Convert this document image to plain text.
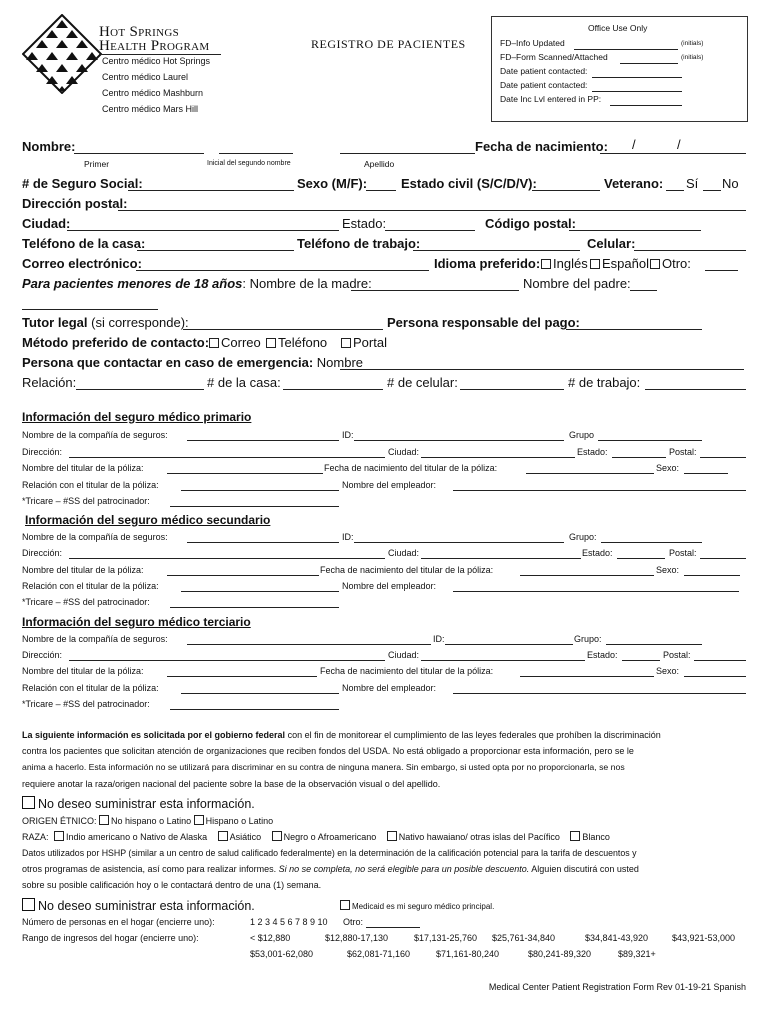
Hot Springs
Health Program
Centro médico Hot Springs
Centro médico Laurel
Centro médico Mashburn
Centro médico Mars Hill
REGISTRO DE PACIENTES
Office Use Only
FD–Info Updated	(initials)
FD–Form Scanned/Attached	(initials)
Date patient contacted:
Date patient contacted:
Date Inc Lvl entered in PP:
Nombre:	Fecha de nacimiento: /	/
Primer	Inicial del segundo nombre	Apellido
# de Seguro Social:	Sexo (M/F):	Estado civil (S/C/D/V):	Veterano: Sí No
Dirección postal:
Ciudad:	Estado:	Código postal:
Teléfono de la casa:	Teléfono de trabajo:	Celular:
Correo electrónico:	Idioma preferido: Inglés	Español	Otro:
Para pacientes menores de 18 años: Nombre de la madre:	Nombre del padre:
Tutor legal (si corresponde):	Persona responsable del pago:
Método preferido de contacto: Correo	Teléfono	Portal
Persona que contactar en caso de emergencia: Nombre
Relación:	# de la casa:	# de celular:	# de trabajo:
Información del seguro médico primario
Nombre de la compañía de seguros:	ID:	Grupo
Dirección:	Ciudad:	Estado:	Postal:
Nombre del titular de la póliza:	Fecha de nacimiento del titular de la póliza:	Sexo:
Relación con el titular de la póliza:	Nombre del empleador:
*Tricare – #SS del patrocinador:
Información del seguro médico secundario
Nombre de la compañía de seguros:	ID:	Grupo:
Dirección:	Ciudad:	Estado:	Postal:
Nombre del titular de la póliza:	Fecha de nacimiento del titular de la póliza:	Sexo:
Relación con el titular de la póliza:	Nombre del empleador:
*Tricare – #SS del patrocinador:
Información del seguro médico terciario
Nombre de la compañía de seguros:	ID:	Grupo:
Dirección:	Ciudad:	Estado:	Postal:
Nombre del titular de la póliza:	Fecha de nacimiento del titular de la póliza:	Sexo:
Relación con el titular de la póliza:	Nombre del empleador:
*Tricare – #SS del patrocinador:
La siguiente información es solicitada por el gobierno federal con el fin de monitorear el cumplimiento de las leyes federales que prohíben la discriminación
contra los pacientes que solicitan atención de organizaciones que reciben fondos del USDA. No está obligado a proporcionar esta información, pero se le
anima a hacerlo. Esta información no se utilizará para discriminar en su contra de ninguna manera. Sin embargo, si usted opta por no proporcionarla, se nos
requiere anotar la raza/origen nacional del paciente sobre la base de la observación visual o del apellido.
No deseo suministrar esta información.
ORIGEN ÉTNICO: No hispano o Latino Hispano o Latino
RAZA: Indio americano o Nativo de Alaska	Asiático	Negro o Afroamericano	Nativo hawaiano/ otras islas del Pacífico	Blanco
Datos utilizados por HSHP (similar a un centro de salud calificado federalmente) en la determinación de la calificación potencial para la tarifa de descuentos y
otros programas de asistencia, así como para realizar informes. Si no se completa, no será elegible para un posible descuento. Alguien discutirá con usted
sobre su posible calificación hoy o le contactará dentro de una (1) semana.
No deseo suministrar esta información.	Medicaid es mi seguro médico principal.
Número de personas en el hogar (encierre uno):	1 2 3 4 5 6 7 8 9 10 Otro:
Rango de ingresos del hogar (encierre uno):	< $12,880	$12,880-17,130	$17,131-25,760 $25,761-34,840	$34,841-43,920	$43,921-53,000
$53,001-62,080	$62,081-71,160	$71,161-80,240	$80,241-89,320	$89,321+
Medical Center Patient Registration Form Rev 01-19-21 Spanish
